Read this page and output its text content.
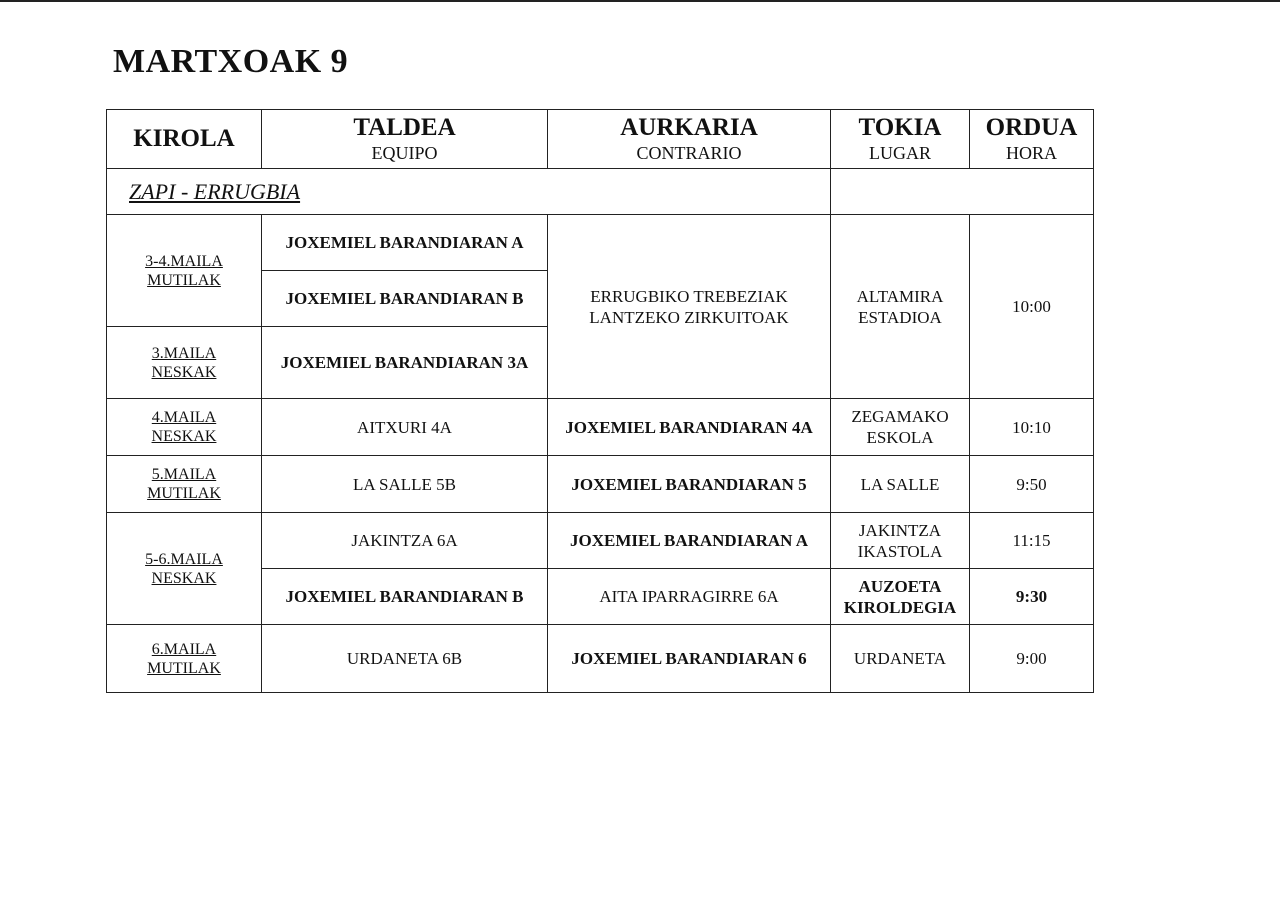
MARTXOAK 9
KIROLA	TALDEA
EQUIPO	AURKARIA
CONTRARIO	TOKIA
LUGAR	ORDUA
HORA

ZAPI - ERRUGBIA				

3-4.MAILA
MUTILAK	JOXEMIEL BARANDIARAN A	ERRUGBIKO TREBEZIAK
LANTZEKO ZIRKUITOAK	ALTAMIRA
ESTADIOA	10:00
	JOXEMIEL BARANDIARAN B			

3.MAILA
NESKAK	JOXEMIEL BARANDIARAN 3A			

4.MAILA
NESKAK	AITXURI 4A	JOXEMIEL BARANDIARAN 4A	ZEGAMAKO
ESKOLA	10:10

5.MAILA
MUTILAK	LA SALLE 5B	JOXEMIEL BARANDIARAN 5	LA SALLE	9:50

5-6.MAILA
NESKAK	JAKINTZA 6A	JOXEMIEL BARANDIARAN A	JAKINTZA
IKASTOLA	11:15
	JOXEMIEL BARANDIARAN B	AITA IPARRAGIRRE 6A	AUZOETA
KIROLDEGIA	9:30

6.MAILA
MUTILAK	URDANETA 6B	JOXEMIEL BARANDIARAN 6	URDANETA	9:00
